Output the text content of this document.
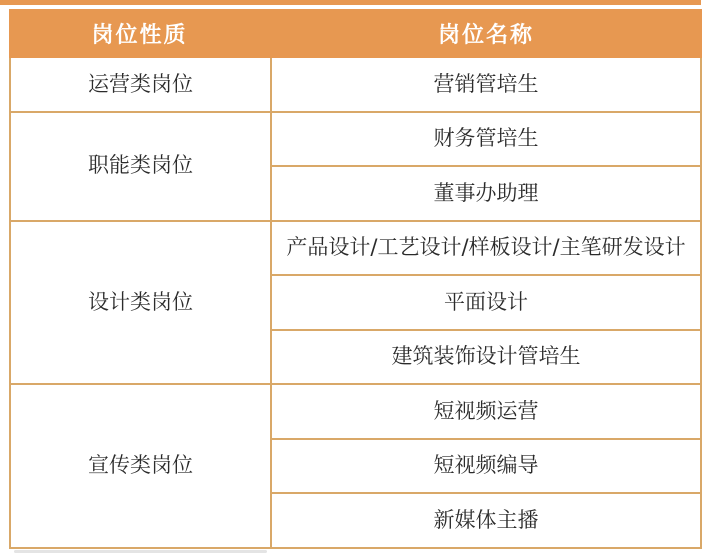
岗位性质	岗位名称
运营类岗位	营销管培生
职能类岗位	财务管培生
	董事办助理
设计类岗位	产品设计/工艺设计/样板设计/主笔研发设计
	平面设计
	建筑装饰设计管培生
宣传类岗位	短视频运营
	短视频编导
	新媒体主播
